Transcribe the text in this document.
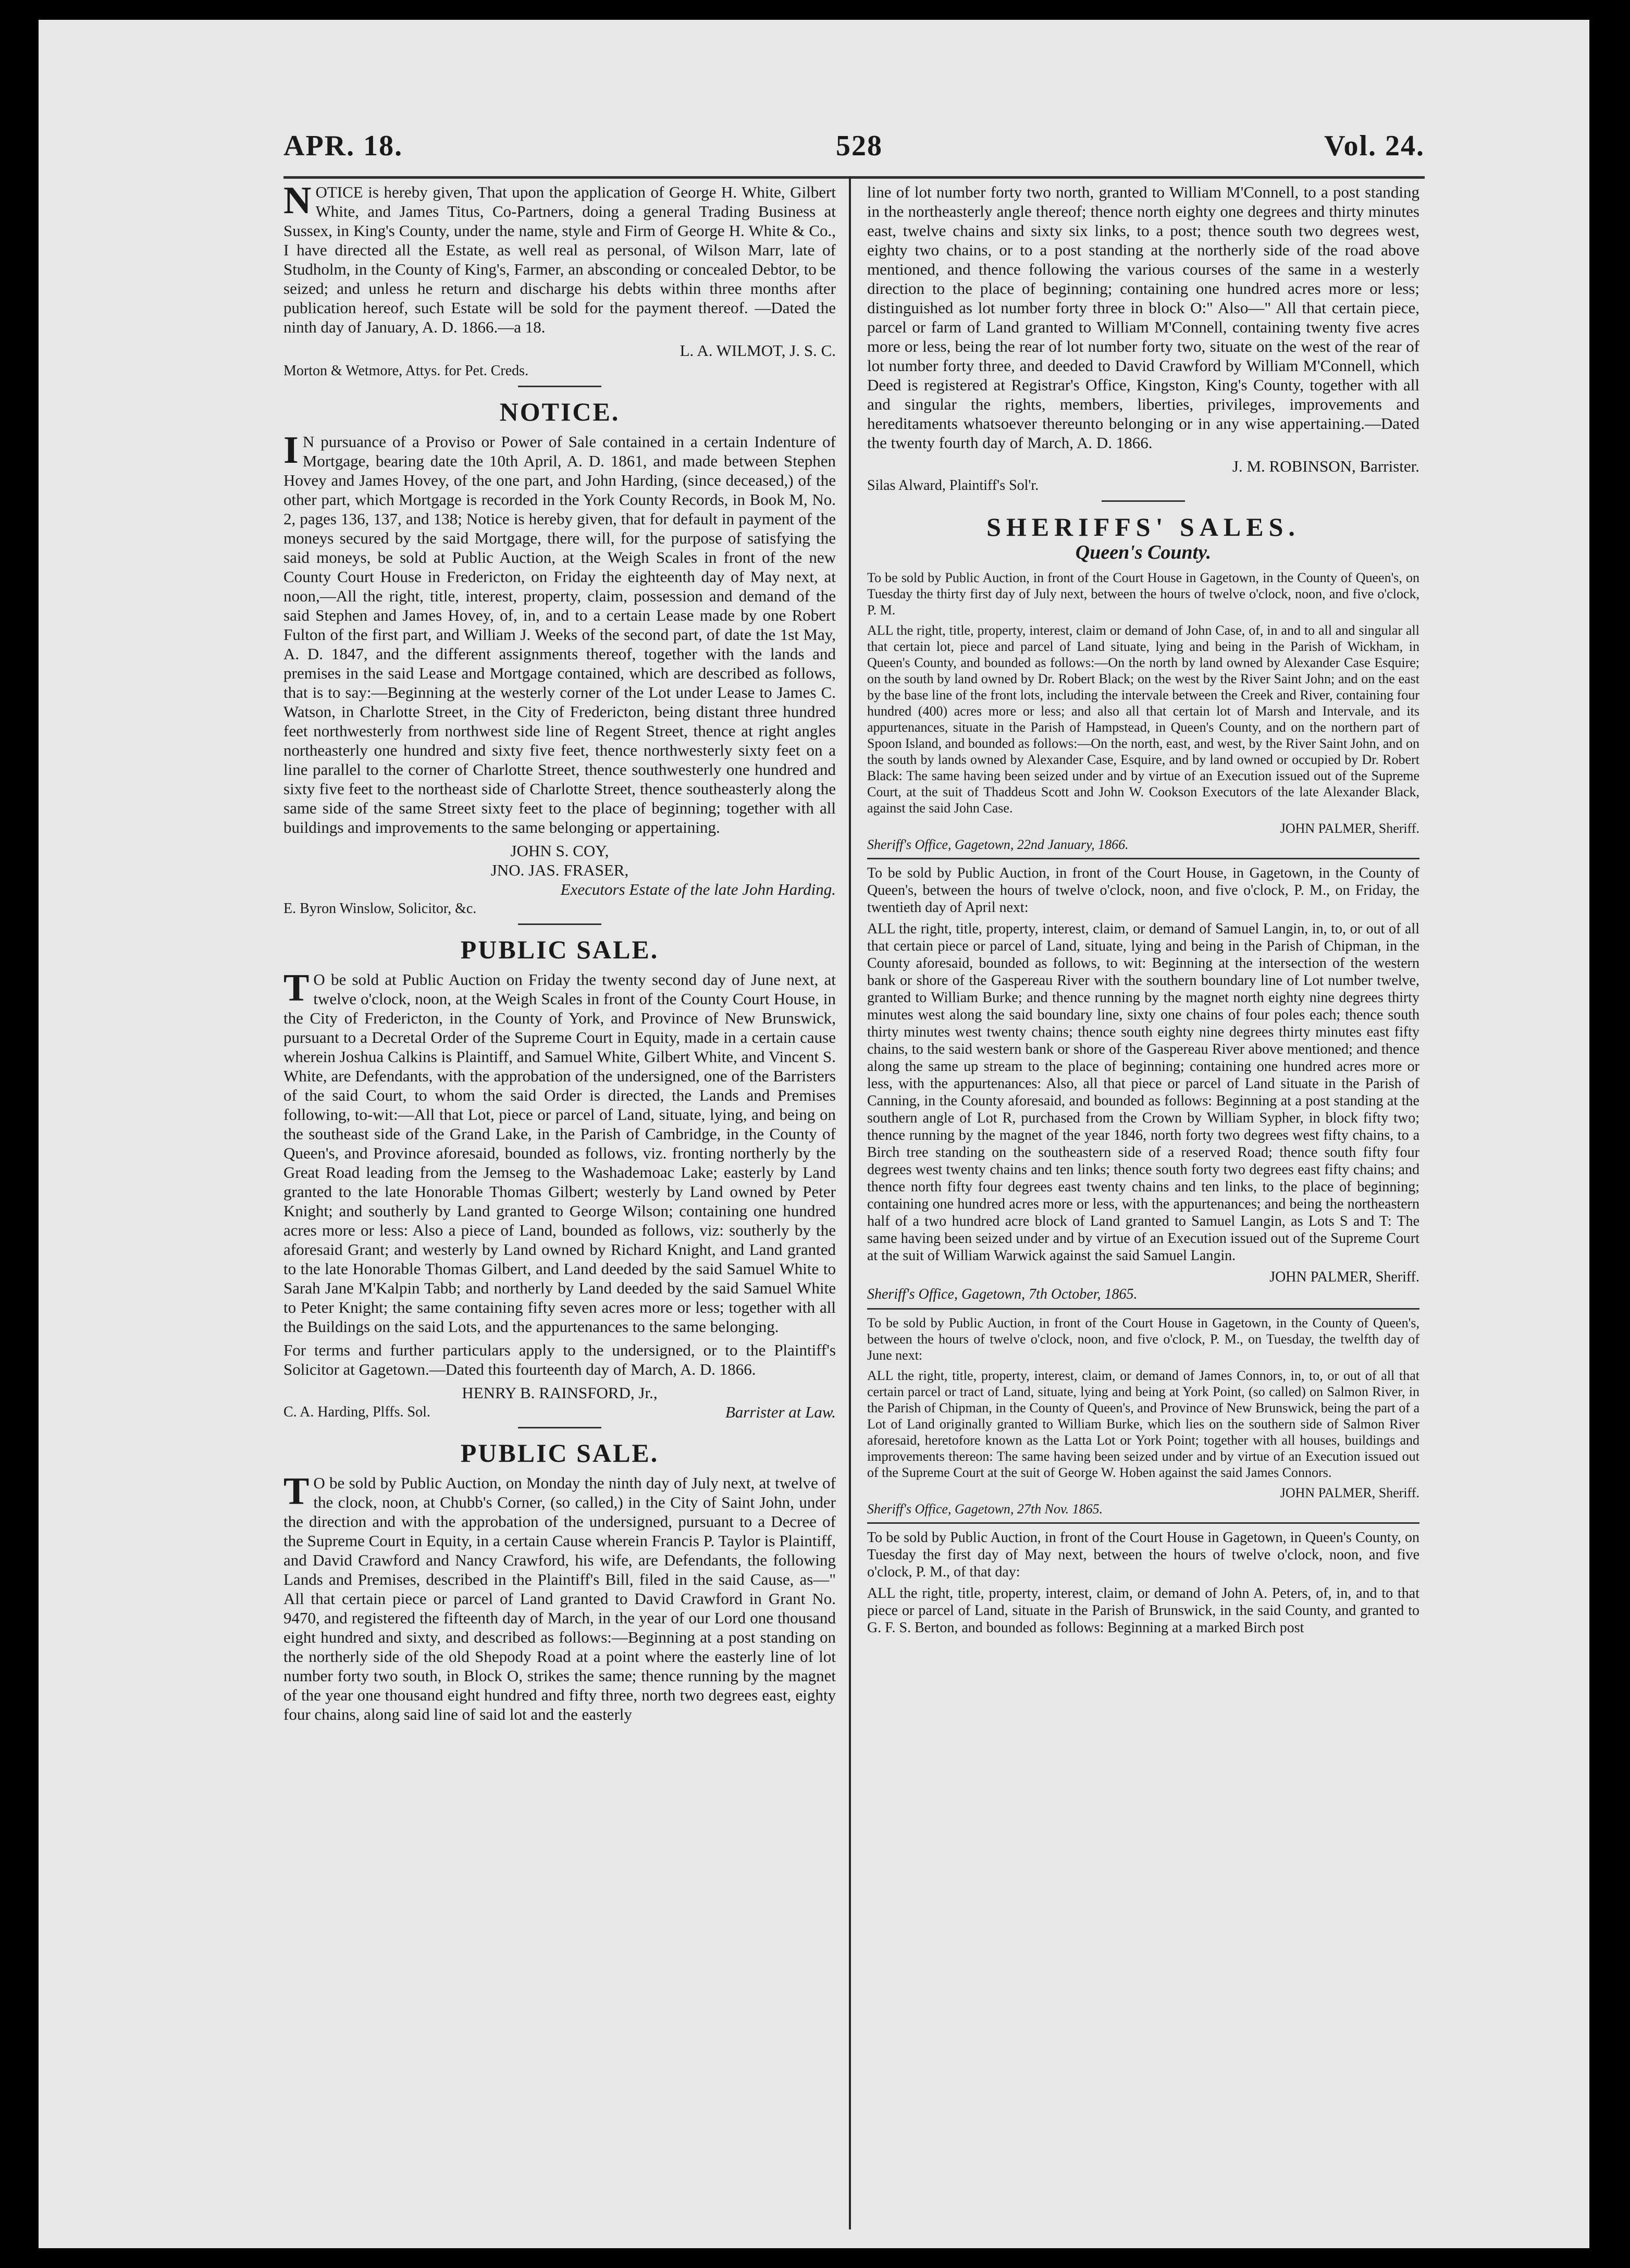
APR. 18.	528	Vol. 24.

NOTICE is hereby given, That upon the application of George H. White, Gilbert White, and James Titus, Co-Partners, doing a general Trading Business at Sussex, in King's County, under the name, style and Firm of George H. White & Co., I have directed all the Estate, as well real as personal, of Wilson Marr, late of Studholm, in the County of King's, Farmer, an absconding or concealed Debtor, to be seized; and unless he return and discharge his debts within three months after publication hereof, such Estate will be sold for the payment thereof. —Dated the ninth day of January, A. D. 1866.—a 18.

L. A. WILMOT, J. S. C.

Morton & Wetmore, Attys. for Pet. Creds.

NOTICE.

IN pursuance of a Proviso or Power of Sale contained in a certain Indenture of Mortgage, bearing date the 10th April, A. D. 1861, and made between Stephen Hovey and James Hovey, of the one part, and John Harding, (since deceased,) of the other part, which Mortgage is recorded in the York County Records, in Book M, No. 2, pages 136, 137, and 138; Notice is hereby given, that for default in payment of the moneys secured by the said Mortgage, there will, for the purpose of satisfying the said moneys, be sold at Public Auction, at the Weigh Scales in front of the new County Court House in Fredericton, on Friday the eighteenth day of May next, at noon,—All the right, title, interest, property, claim, possession and demand of the said Stephen and James Hovey, of, in, and to a certain Lease made by one Robert Fulton of the first part, and William J. Weeks of the second part, of date the 1st May, A. D. 1847, and the different assignments thereof, together with the lands and premises in the said Lease and Mortgage contained, which are described as follows, that is to say:—Beginning at the westerly corner of the Lot under Lease to James C. Watson, in Charlotte Street, in the City of Fredericton, being distant three hundred feet northwesterly from northwest side line of Regent Street, thence at right angles northeasterly one hundred and sixty five feet, thence northwesterly sixty feet on a line parallel to the corner of Charlotte Street, thence southwesterly one hundred and sixty five feet to the northeast side of Charlotte Street, thence southeasterly along the same side of the same Street sixty feet to the place of beginning; together with all buildings and improvements to the same belonging or appertaining.

JOHN S. COY,

JNO. JAS. FRASER,

Executors Estate of the late John Harding.

E. Byron Winslow, Solicitor, &c.

PUBLIC SALE.

TO be sold at Public Auction on Friday the twenty second day of June next, at twelve o'clock, noon, at the Weigh Scales in front of the County Court House, in the City of Fredericton, in the County of York, and Province of New Brunswick, pursuant to a Decretal Order of the Supreme Court in Equity, made in a certain cause wherein Joshua Calkins is Plaintiff, and Samuel White, Gilbert White, and Vincent S. White, are Defendants, with the approbation of the undersigned, one of the Barristers of the said Court, to whom the said Order is directed, the Lands and Premises following, to-wit:—All that Lot, piece or parcel of Land, situate, lying, and being on the southeast side of the Grand Lake, in the Parish of Cambridge, in the County of Queen's, and Province aforesaid, bounded as follows, viz. fronting northerly by the Great Road leading from the Jemseg to the Washademoac Lake; easterly by Land granted to the late Honorable Thomas Gilbert; westerly by Land owned by Peter Knight; and southerly by Land granted to George Wilson; containing one hundred acres more or less: Also a piece of Land, bounded as follows, viz: southerly by the aforesaid Grant; and westerly by Land owned by Richard Knight, and Land granted to the late Honorable Thomas Gilbert, and Land deeded by the said Samuel White to Sarah Jane M'Kalpin Tabb; and northerly by Land deeded by the said Samuel White to Peter Knight; the same containing fifty seven acres more or less; together with all the Buildings on the said Lots, and the appurtenances to the same belonging.

For terms and further particulars apply to the undersigned, or to the Plaintiff's Solicitor at Gagetown.—Dated this fourteenth day of March, A. D. 1866.

HENRY B. RAINSFORD, Jr.,

C. A. Harding, Plffs. Sol.	Barrister at Law.
PUBLIC SALE.

TO be sold by Public Auction, on Monday the ninth day of July next, at twelve of the clock, noon, at Chubb's Corner, (so called,) in the City of Saint John, under the direction and with the approbation of the undersigned, pursuant to a Decree of the Supreme Court in Equity, in a certain Cause wherein Francis P. Taylor is Plaintiff, and David Crawford and Nancy Crawford, his wife, are Defendants, the following Lands and Premises, described in the Plaintiff's Bill, filed in the said Cause, as—" All that certain piece or parcel of Land granted to David Crawford in Grant No. 9470, and registered the fifteenth day of March, in the year of our Lord one thousand eight hundred and sixty, and described as follows:—Beginning at a post standing on the northerly side of the old Shepody Road at a point where the easterly line of lot number forty two south, in Block O, strikes the same; thence running by the magnet of the year one thousand eight hundred and fifty three, north two degrees east, eighty four chains, along said line of said lot and the easterly

line of lot number forty two north, granted to William M'Connell, to a post standing in the northeasterly angle thereof; thence north eighty one degrees and thirty minutes east, twelve chains and sixty six links, to a post; thence south two degrees west, eighty two chains, or to a post standing at the northerly side of the road above mentioned, and thence following the various courses of the same in a westerly direction to the place of beginning; containing one hundred acres more or less; distinguished as lot number forty three in block O:" Also—" All that certain piece, parcel or farm of Land granted to William M'Connell, containing twenty five acres more or less, being the rear of lot number forty two, situate on the west of the rear of lot number forty three, and deeded to David Crawford by William M'Connell, which Deed is registered at Registrar's Office, Kingston, King's County, together with all and singular the rights, members, liberties, privileges, improvements and hereditaments whatsoever thereunto belonging or in any wise appertaining.—Dated the twenty fourth day of March, A. D. 1866.

J. M. ROBINSON, Barrister.

Silas Alward, Plaintiff's Sol'r.

SHERIFFS' SALES.
Queen's County.

To be sold by Public Auction, in front of the Court House in Gagetown, in the County of Queen's, on Tuesday the thirty first day of July next, between the hours of twelve o'clock, noon, and five o'clock, P. M.

ALL the right, title, property, interest, claim or demand of John Case, of, in and to all and singular all that certain lot, piece and parcel of Land situate, lying and being in the Parish of Wickham, in Queen's County, and bounded as follows:—On the north by land owned by Alexander Case Esquire; on the south by land owned by Dr. Robert Black; on the west by the River Saint John; and on the east by the base line of the front lots, including the intervale between the Creek and River, containing four hundred (400) acres more or less; and also all that certain lot of Marsh and Intervale, and its appurtenances, situate in the Parish of Hampstead, in Queen's County, and on the northern part of Spoon Island, and bounded as follows:—On the north, east, and west, by the River Saint John, and on the south by lands owned by Alexander Case, Esquire, and by land owned or occupied by Dr. Robert Black: The same having been seized under and by virtue of an Execution issued out of the Supreme Court, at the suit of Thaddeus Scott and John W. Cookson Executors of the late Alexander Black, against the said John Case.

JOHN PALMER, Sheriff.

Sheriff's Office, Gagetown, 22nd January, 1866.

To be sold by Public Auction, in front of the Court House, in Gagetown, in the County of Queen's, between the hours of twelve o'clock, noon, and five o'clock, P. M., on Friday, the twentieth day of April next:

ALL the right, title, property, interest, claim, or demand of Samuel Langin, in, to, or out of all that certain piece or parcel of Land, situate, lying and being in the Parish of Chipman, in the County aforesaid, bounded as follows, to wit: Beginning at the intersection of the western bank or shore of the Gaspereau River with the southern boundary line of Lot number twelve, granted to William Burke; and thence running by the magnet north eighty nine degrees thirty minutes west along the said boundary line, sixty one chains of four poles each; thence south thirty minutes west twenty chains; thence south eighty nine degrees thirty minutes east fifty chains, to the said western bank or shore of the Gaspereau River above mentioned; and thence along the same up stream to the place of beginning; containing one hundred acres more or less, with the appurtenances: Also, all that piece or parcel of Land situate in the Parish of Canning, in the County aforesaid, and bounded as follows: Beginning at a post standing at the southern angle of Lot R, purchased from the Crown by William Sypher, in block fifty two; thence running by the magnet of the year 1846, north forty two degrees west fifty chains, to a Birch tree standing on the southeastern side of a reserved Road; thence south fifty four degrees west twenty chains and ten links; thence south forty two degrees east fifty chains; and thence north fifty four degrees east twenty chains and ten links, to the place of beginning; containing one hundred acres more or less, with the appurtenances; and being the northeastern half of a two hundred acre block of Land granted to Samuel Langin, as Lots S and T: The same having been seized under and by virtue of an Execution issued out of the Supreme Court at the suit of William Warwick against the said Samuel Langin.

JOHN PALMER, Sheriff.

Sheriff's Office, Gagetown, 7th October, 1865.

To be sold by Public Auction, in front of the Court House in Gagetown, in the County of Queen's, between the hours of twelve o'clock, noon, and five o'clock, P. M., on Tuesday, the twelfth day of June next:

ALL the right, title, property, interest, claim, or demand of James Connors, in, to, or out of all that certain parcel or tract of Land, situate, lying and being at York Point, (so called) on Salmon River, in the Parish of Chipman, in the County of Queen's, and Province of New Brunswick, being the part of a Lot of Land originally granted to William Burke, which lies on the southern side of Salmon River aforesaid, heretofore known as the Latta Lot or York Point; together with all houses, buildings and improvements thereon: The same having been seized under and by virtue of an Execution issued out of the Supreme Court at the suit of George W. Hoben against the said James Connors.

JOHN PALMER, Sheriff.

Sheriff's Office, Gagetown, 27th Nov. 1865.

To be sold by Public Auction, in front of the Court House in Gagetown, in Queen's County, on Tuesday the first day of May next, between the hours of twelve o'clock, noon, and five o'clock, P. M., of that day:

ALL the right, title, property, interest, claim, or demand of John A. Peters, of, in, and to that piece or parcel of Land, situate in the Parish of Brunswick, in the said County, and granted to G. F. S. Berton, and bounded as follows: Beginning at a marked Birch post
